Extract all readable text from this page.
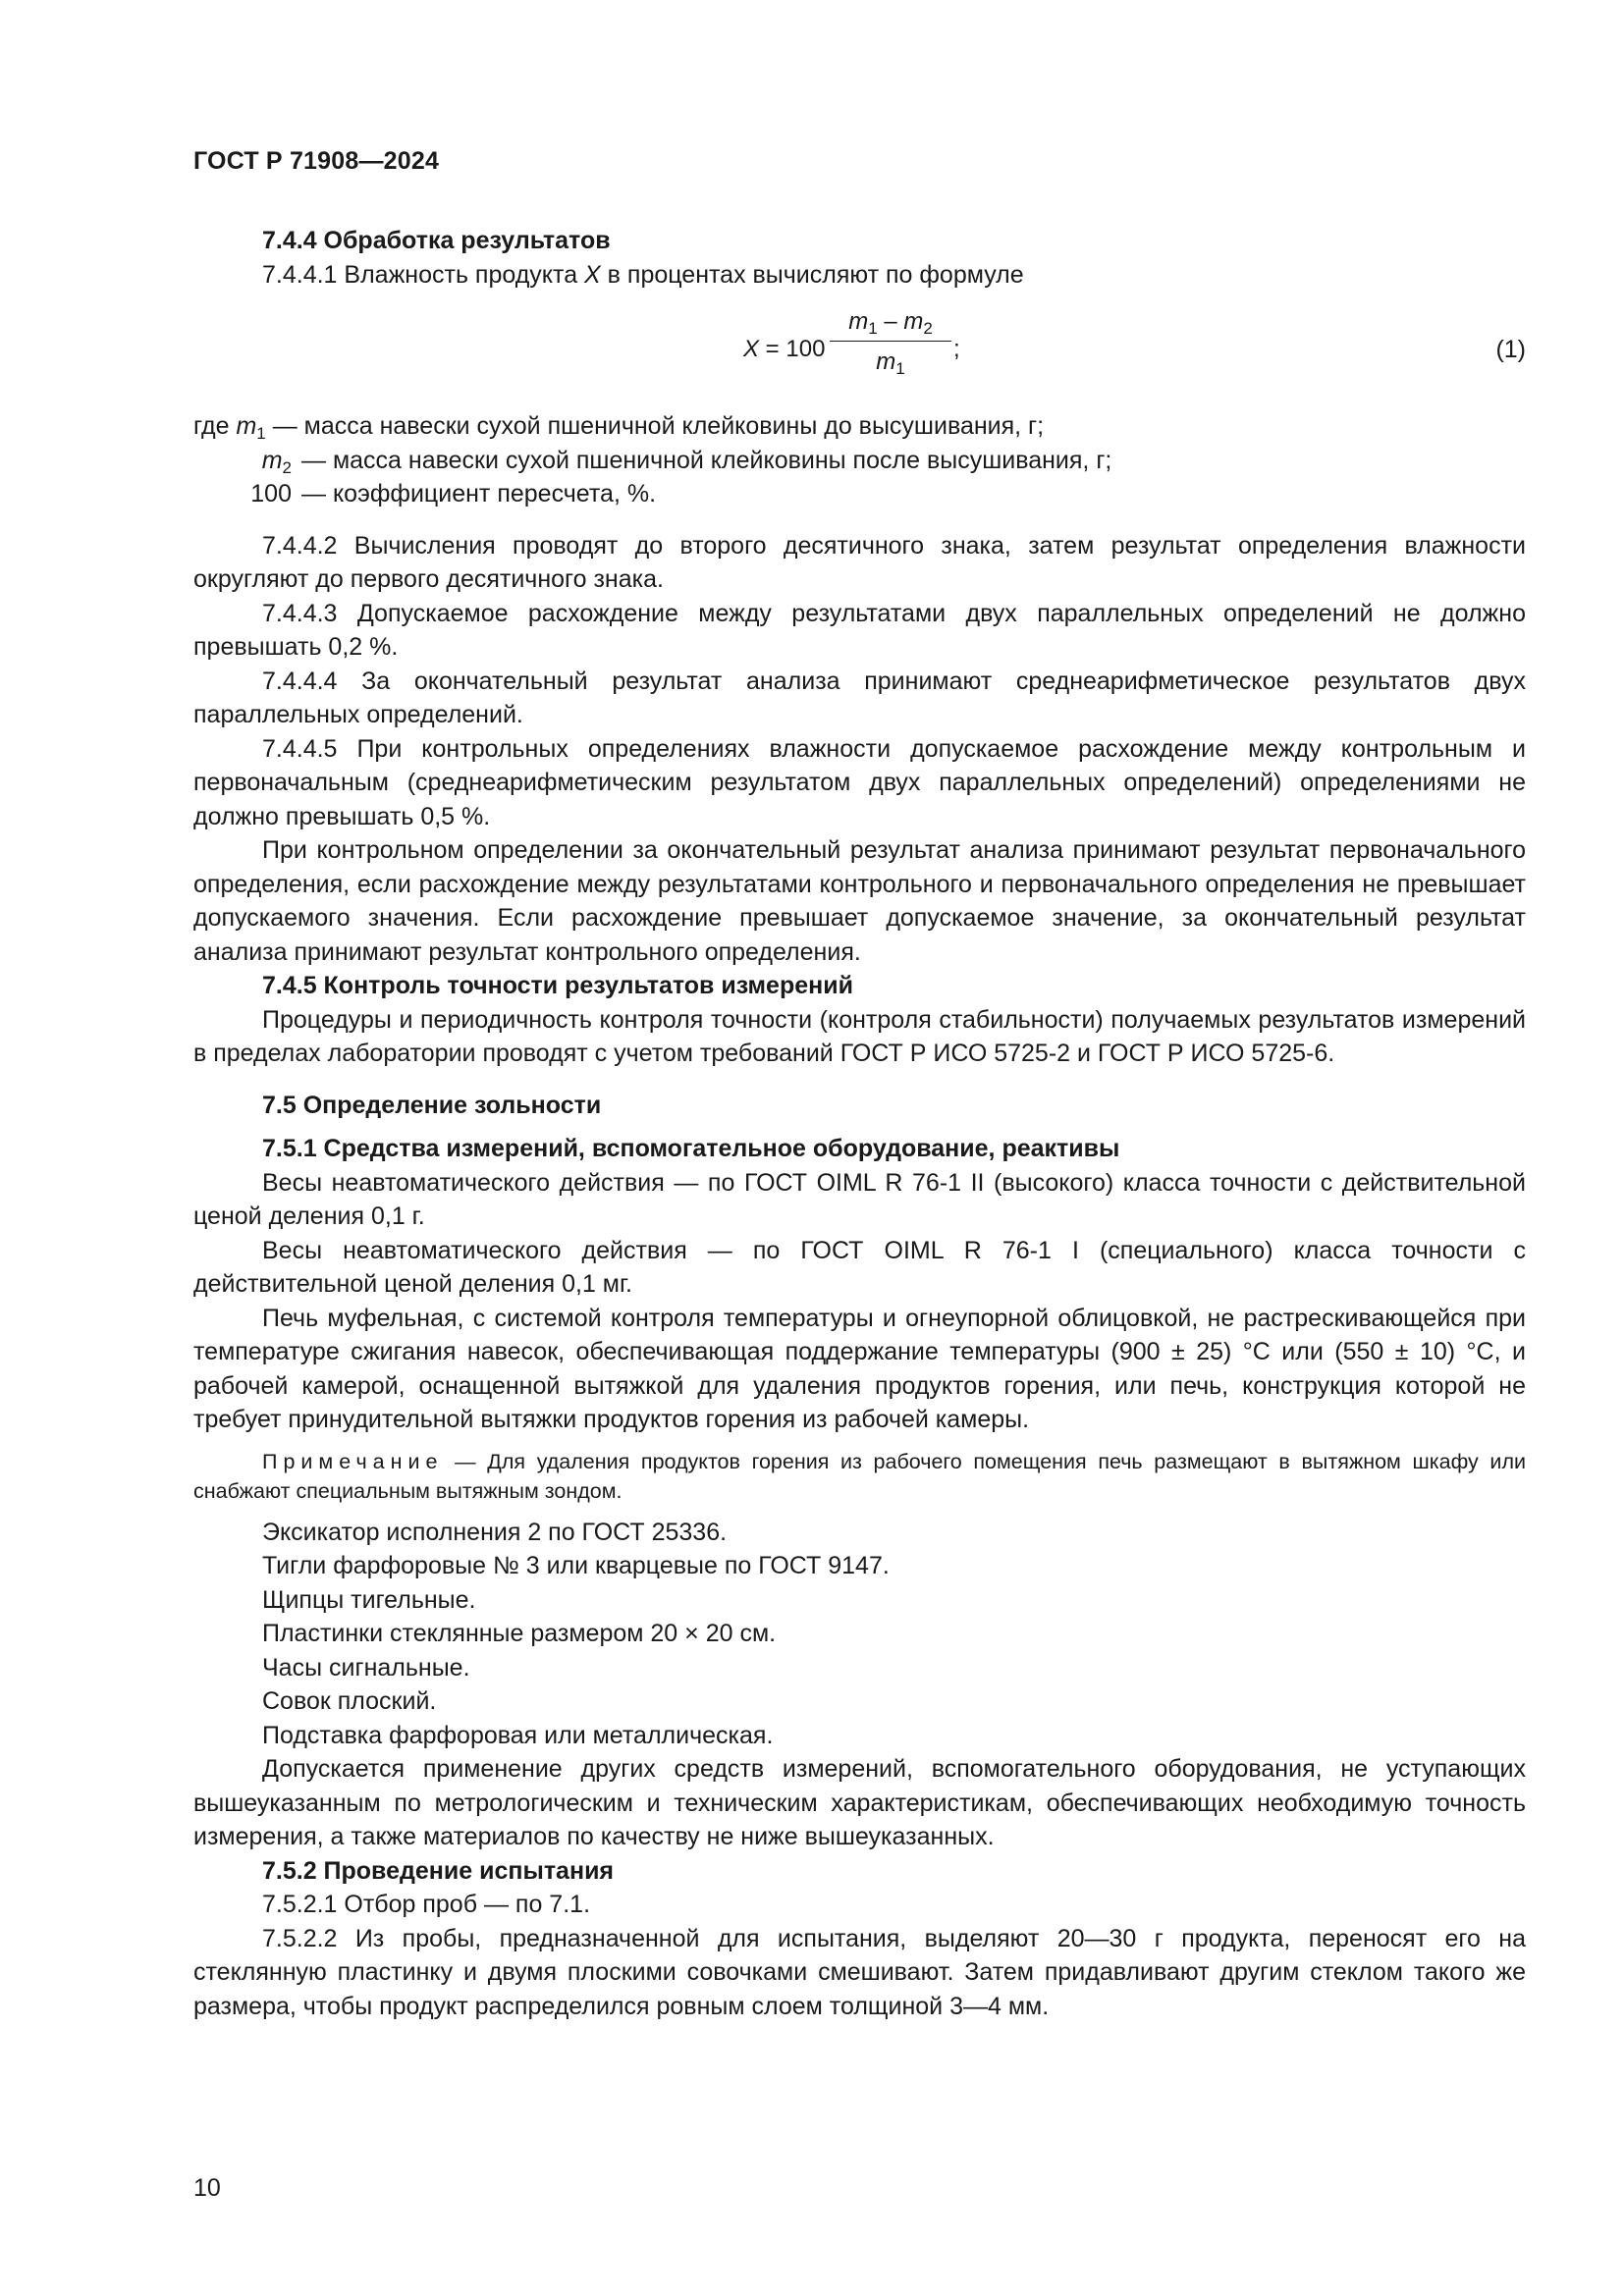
ГОСТ Р 71908—2024
7.4.4 Обработка результатов

7.4.4.1 Влажность продукта X в процентах вычисляют по формуле

X = 100
$m_1 - m_2$
$m_1$
;	(1)
где $m_1$ — масса навески сухой пшеничной клейковины до высушивания, г;
$m_2$ — масса навески сухой пшеничной клейковины после высушивания, г;
100 — коэффициент пересчета, %.

7.4.4.2 Вычисления проводят до второго десятичного знака, затем результат определения влажности округляют до первого десятичного знака.

7.4.4.3 Допускаемое расхождение между результатами двух параллельных определений не должно превышать 0,2 %.

7.4.4.4 За окончательный результат анализа принимают среднеарифметическое результатов двух параллельных определений.

7.4.4.5 При контрольных определениях влажности допускаемое расхождение между контрольным и первоначальным (среднеарифметическим результатом двух параллельных определений) определениями не должно превышать 0,5 %.

При контрольном определении за окончательный результат анализа принимают результат первоначального определения, если расхождение между результатами контрольного и первоначального определения не превышает допускаемого значения. Если расхождение превышает допускаемое значение, за окончательный результат анализа принимают результат контрольного определения.

7.4.5 Контроль точности результатов измерений

Процедуры и периодичность контроля точности (контроля стабильности) получаемых результатов измерений в пределах лаборатории проводят с учетом требований ГОСТ Р ИСО 5725-2 и ГОСТ Р ИСО 5725-6.

7.5 Определение зольности
7.5.1 Средства измерений, вспомогательное оборудование, реактивы

Весы неавтоматического действия — по ГОСТ OIML R 76-1 II (высокого) класса точности с действительной ценой деления 0,1 г.

Весы неавтоматического действия — по ГОСТ OIML R 76-1 I (специального) класса точности с действительной ценой деления 0,1 мг.

Печь муфельная, с системой контроля температуры и огнеупорной облицовкой, не растрескивающейся при температуре сжигания навесок, обеспечивающая поддержание температуры (900 ± 25) °С или (550 ± 10) °С, и рабочей камерой, оснащенной вытяжкой для удаления продуктов горения, или печь, конструкция которой не требует принудительной вытяжки продуктов горения из рабочей камеры.

Примечание — Для удаления продуктов горения из рабочего помещения печь размещают в вытяжном шкафу или снабжают специальным вытяжным зондом.

Эксикатор исполнения 2 по ГОСТ 25336.

Тигли фарфоровые № 3 или кварцевые по ГОСТ 9147.

Щипцы тигельные.

Пластинки стеклянные размером 20 × 20 см.

Часы сигнальные.

Совок плоский.

Подставка фарфоровая или металлическая.

Допускается применение других средств измерений, вспомогательного оборудования, не уступающих вышеуказанным по метрологическим и техническим характеристикам, обеспечивающих необходимую точность измерения, а также материалов по качеству не ниже вышеуказанных.

7.5.2 Проведение испытания

7.5.2.1 Отбор проб — по 7.1.

7.5.2.2 Из пробы, предназначенной для испытания, выделяют 20—30 г продукта, переносят его на стеклянную пластинку и двумя плоскими совочками смешивают. Затем придавливают другим стеклом такого же размера, чтобы продукт распределился ровным слоем толщиной 3—4 мм.

10
